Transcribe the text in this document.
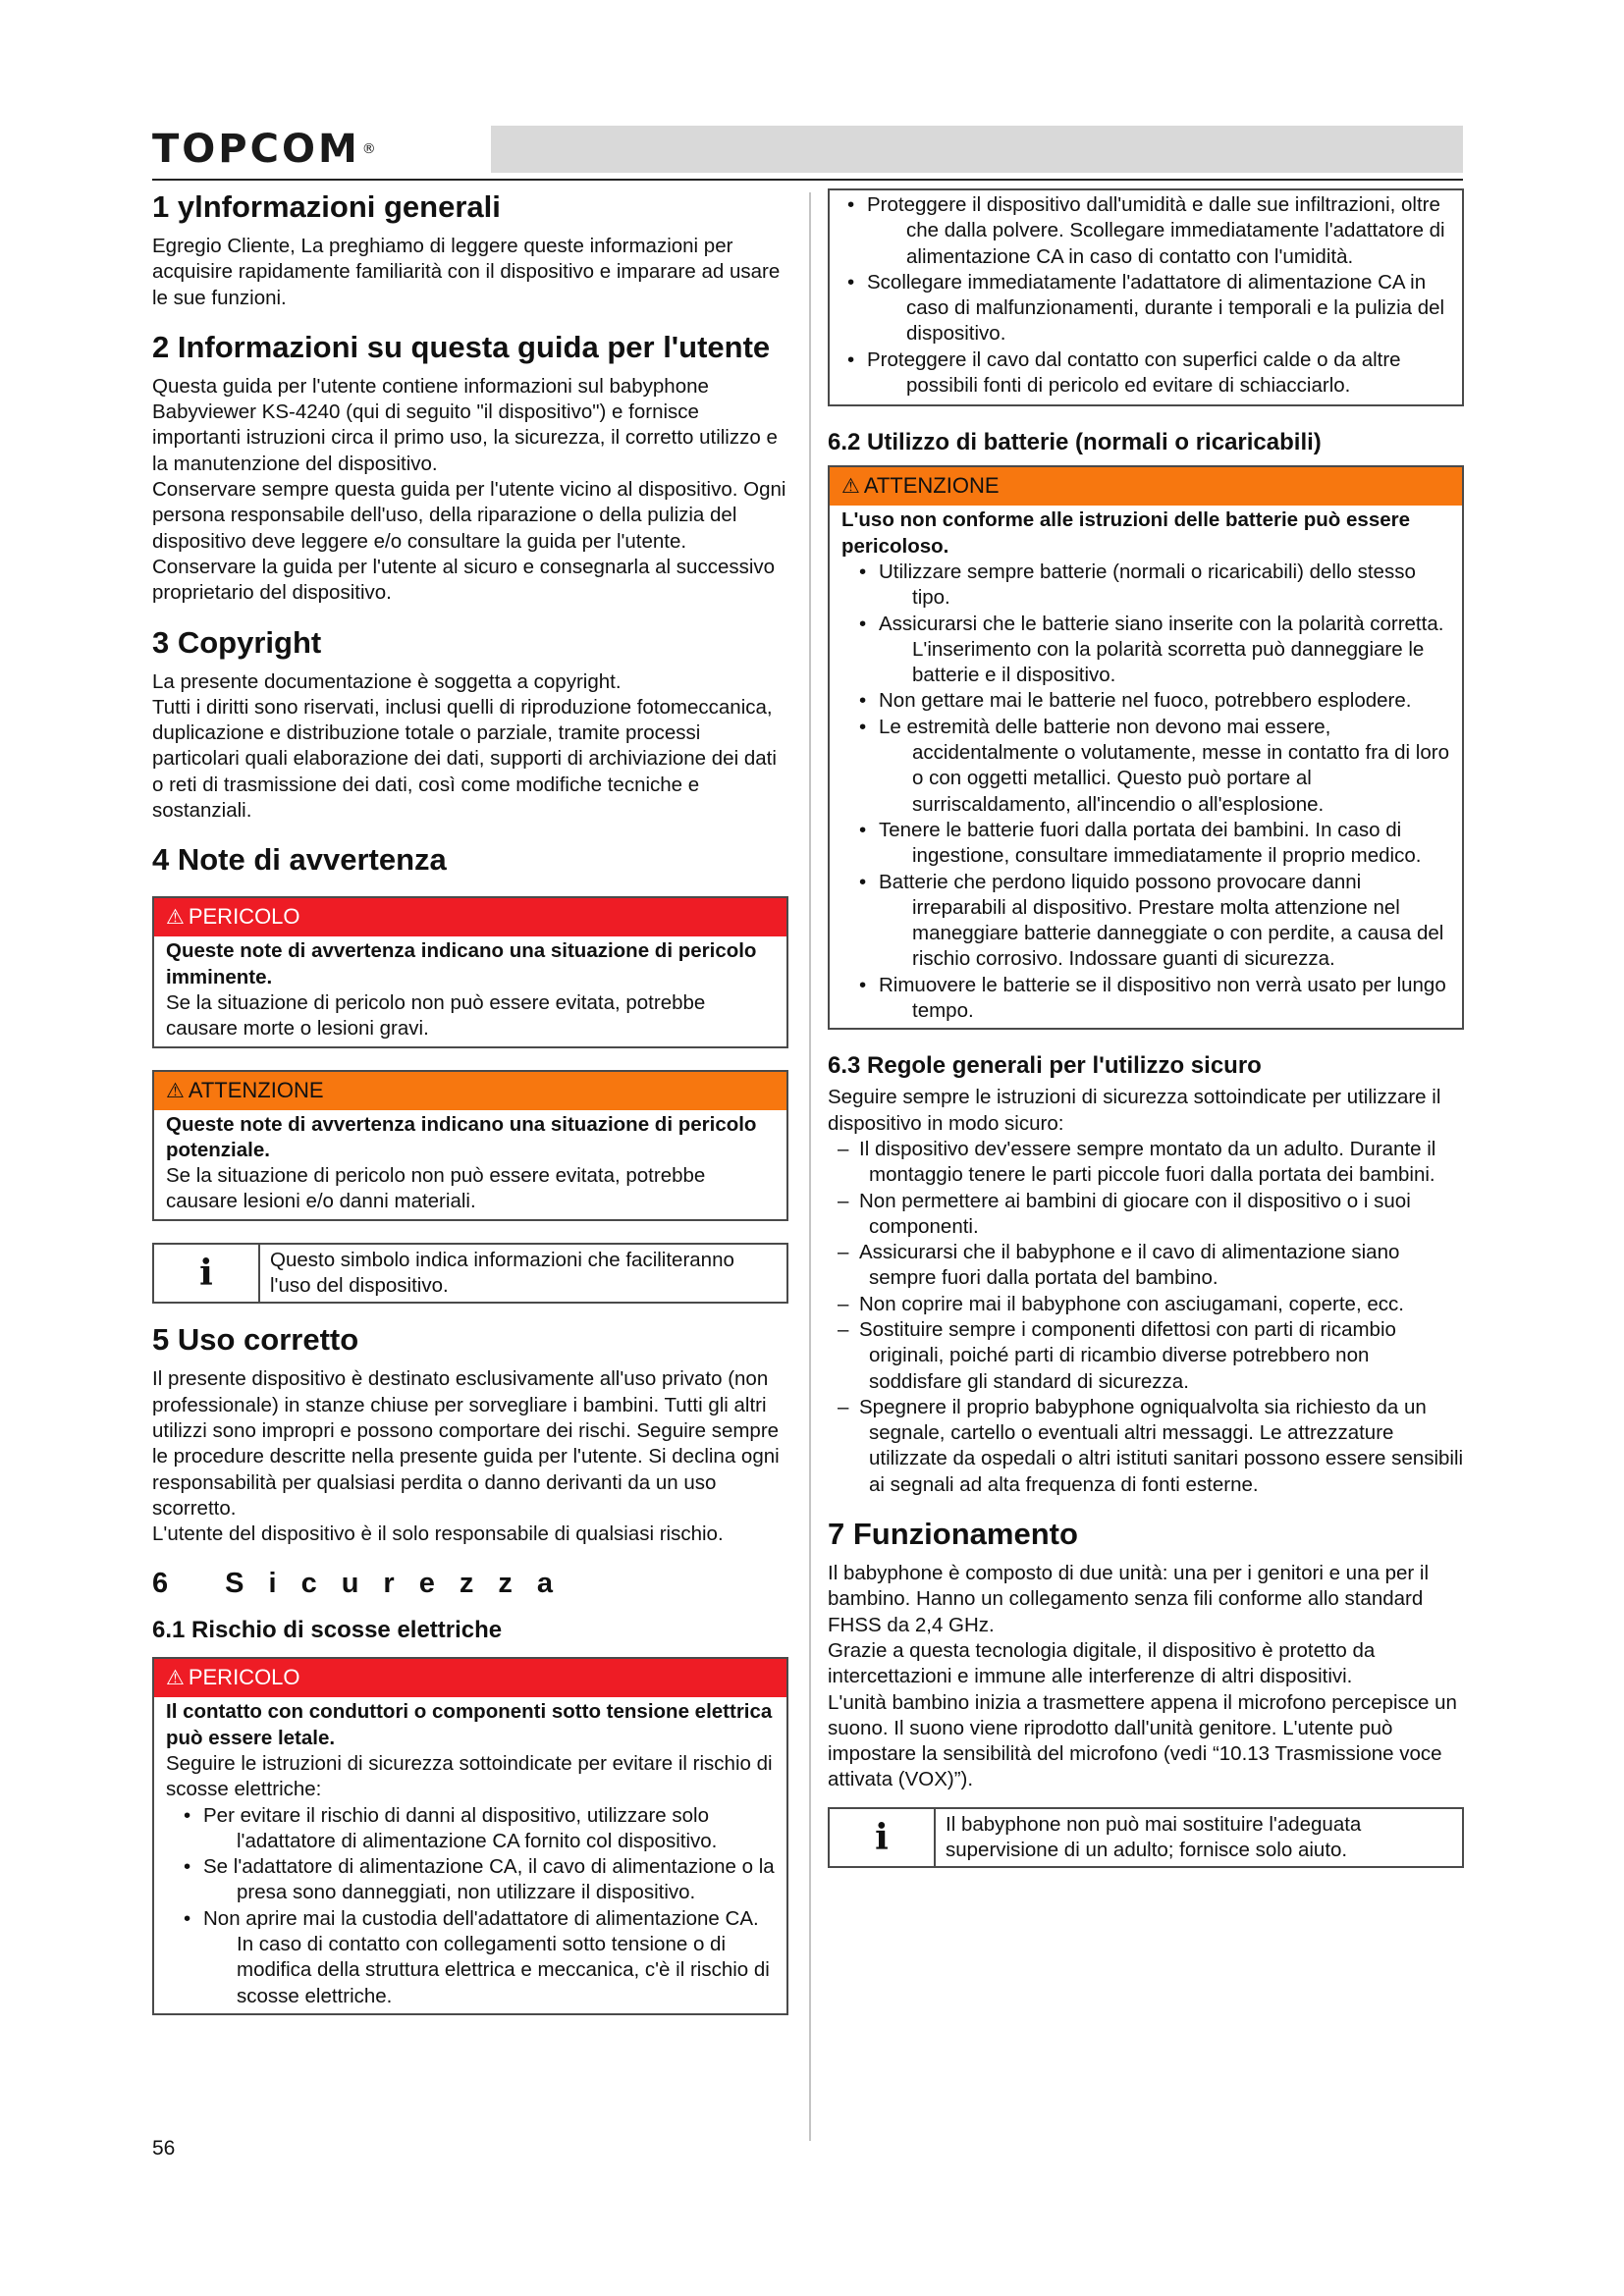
TOPCOM ®
1 ylnformazioni generali

Egregio Cliente, La preghiamo di leggere queste informazioni per acquisire rapidamente familiarità con il dispositivo e imparare ad usare le sue funzioni.

2 Informazioni su questa guida per l'utente

Questa guida per l'utente contiene informazioni sul babyphone Babyviewer KS-4240 (qui di seguito "il dispositivo") e fornisce importanti istruzioni circa il primo uso, la sicurezza, il corretto utilizzo e la manutenzione del dispositivo.

Conservare sempre questa guida per l'utente vicino al dispositivo. Ogni persona responsabile dell'uso, della riparazione o della pulizia del dispositivo deve leggere e/o consultare la guida per l'utente. Conservare la guida per l'utente al sicuro e consegnarla al successivo proprietario del dispositivo.

3 Copyright

La presente documentazione è soggetta a copyright.

Tutti i diritti sono riservati, inclusi quelli di riproduzione fotomeccanica, duplicazione e distribuzione totale o parziale, tramite processi particolari quali elaborazione dei dati, supporti di archiviazione dei dati o reti di trasmissione dei dati, così come modifiche tecniche e sostanziali.

4 Note di avvertenza
⚠ PERICOLO

Queste note di avvertenza indicano una situazione di pericolo imminente.

Se la situazione di pericolo non può essere evitata, potrebbe causare morte o lesioni gravi.

⚠ ATTENZIONE

Queste note di avvertenza indicano una situazione di pericolo potenziale.

Se la situazione di pericolo non può essere evitata, potrebbe causare lesioni e/o danni materiali.

i	Questo simbolo indica informazioni che faciliteranno l'uso del dispositivo.

5 Uso corretto

Il presente dispositivo è destinato esclusivamente all'uso privato (non professionale) in stanze chiuse per sorvegliare i bambini. Tutti gli altri utilizzi sono impropri e possono comportare dei rischi. Seguire sempre le procedure descritte nella presente guida per l'utente. Si declina ogni responsabilità per qualsiasi perdita o danno derivanti da un uso scorretto.

L'utente del dispositivo è il solo responsabile di qualsiasi rischio.

6 Sicurezza
6.1 Rischio di scosse elettriche
⚠ PERICOLO

Il contatto con conduttori o componenti sotto tensione elettrica può essere letale.

Seguire le istruzioni di sicurezza sottoindicate per evitare il rischio di scosse elettriche:

• Per evitare il rischio di danni al dispositivo, utilizzare solo l'adattatore di alimentazione CA fornito col dispositivo.
• Se l'adattatore di alimentazione CA, il cavo di alimentazione o la presa sono danneggiati, non utilizzare il dispositivo.
• Non aprire mai la custodia dell'adattatore di alimentazione CA. In caso di contatto con collegamenti sotto tensione o di modifica della struttura elettrica e meccanica, c'è il rischio di scosse elettriche.
• Proteggere il dispositivo dall'umidità e dalle sue infiltrazioni, oltre che dalla polvere. Scollegare immediatamente l'adattatore di alimentazione CA in caso di contatto con l'umidità.
• Scollegare immediatamente l'adattatore di alimentazione CA in caso di malfunzionamenti, durante i temporali e la pulizia del dispositivo.
• Proteggere il cavo dal contatto con superfici calde o da altre possibili fonti di pericolo ed evitare di schiacciarlo.
6.2 Utilizzo di batterie (normali o ricaricabili)
⚠ ATTENZIONE

L'uso non conforme alle istruzioni delle batterie può essere pericoloso.

• Utilizzare sempre batterie (normali o ricaricabili) dello stesso tipo.
• Assicurarsi che le batterie siano inserite con la polarità corretta. L'inserimento con la polarità scorretta può danneggiare le batterie e il dispositivo.
• Non gettare mai le batterie nel fuoco, potrebbero esplodere.
• Le estremità delle batterie non devono mai essere, accidentalmente o volutamente, messe in contatto fra di loro o con oggetti metallici. Questo può portare al surriscaldamento, all'incendio o all'esplosione.
• Tenere le batterie fuori dalla portata dei bambini. In caso di ingestione, consultare immediatamente il proprio medico.
• Batterie che perdono liquido possono provocare danni irreparabili al dispositivo. Prestare molta attenzione nel maneggiare batterie danneggiate o con perdite, a causa del rischio corrosivo. Indossare guanti di sicurezza.
• Rimuovere le batterie se il dispositivo non verrà usato per lungo tempo.
6.3 Regole generali per l'utilizzo sicuro

Seguire sempre le istruzioni di sicurezza sottoindicate per utilizzare il dispositivo in modo sicuro:

– Il dispositivo dev'essere sempre montato da un adulto. Durante il montaggio tenere le parti piccole fuori dalla portata dei bambini.
– Non permettere ai bambini di giocare con il dispositivo o i suoi componenti.
– Assicurarsi che il babyphone e il cavo di alimentazione siano sempre fuori dalla portata del bambino.
– Non coprire mai il babyphone con asciugamani, coperte, ecc.
– Sostituire sempre i componenti difettosi con parti di ricambio originali, poiché parti di ricambio diverse potrebbero non soddisfare gli standard di sicurezza.
– Spegnere il proprio babyphone ogniqualvolta sia richiesto da un segnale, cartello o eventuali altri messaggi. Le attrezzature utilizzate da ospedali o altri istituti sanitari possono essere sensibili ai segnali ad alta frequenza di fonti esterne.
7 Funzionamento

Il babyphone è composto di due unità: una per i genitori e una per il bambino. Hanno un collegamento senza fili conforme allo standard FHSS da 2,4 GHz.

Grazie a questa tecnologia digitale, il dispositivo è protetto da intercettazioni e immune alle interferenze di altri dispositivi.

L'unità bambino inizia a trasmettere appena il microfono percepisce un suono. Il suono viene riprodotto dall'unità genitore. L'utente può impostare la sensibilità del microfono (vedi “10.13 Trasmissione voce attivata (VOX)”).

i	Il babyphone non può mai sostituire l'adeguata supervisione di un adulto; fornisce solo aiuto.

56
